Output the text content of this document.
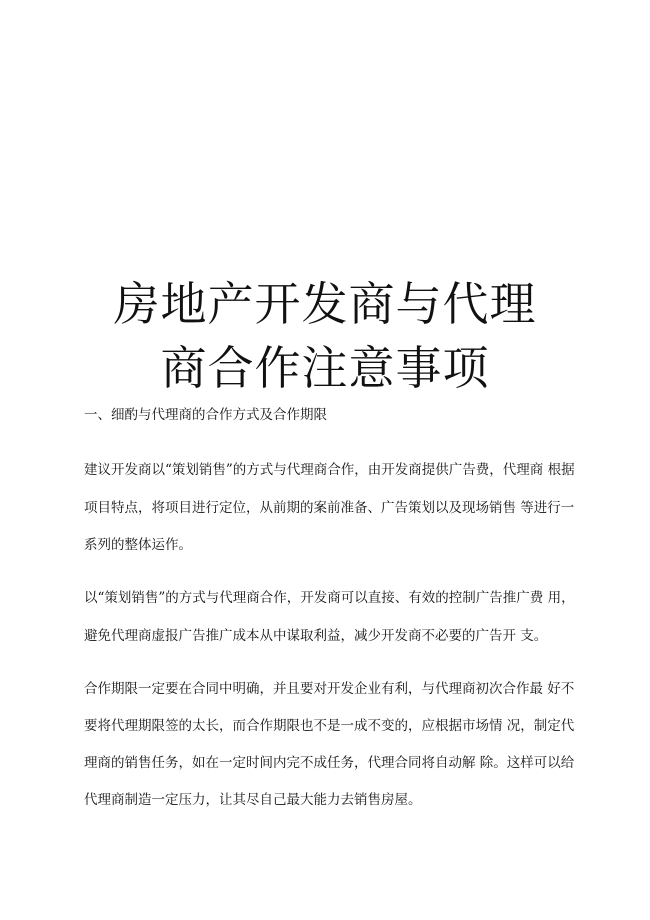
房地产开发商与代理
商合作注意事项
一、细酌与代理商的合作方式及合作期限
建议开发商以“策划销售”的方式与代理商合作，由开发商提供广告费，代理商 根据
项目特点，将项目进行定位，从前期的案前准备、广告策划以及现场销售 等进行一
系列的整体运作。
以“策划销售”的方式与代理商合作，开发商可以直接、有效的控制广告推广费 用，
避免代理商虚报广告推广成本从中谋取利益，减少开发商不必要的广告开 支。
合作期限一定要在合同中明确，并且要对开发企业有利，与代理商初次合作最 好不
要将代理期限签的太长，而合作期限也不是一成不变的，应根据市场情 况，制定代
理商的销售任务，如在一定时间内完不成任务，代理合同将自动解 除。这样可以给
代理商制造一定压力，让其尽自己最大能力去销售房屋。
